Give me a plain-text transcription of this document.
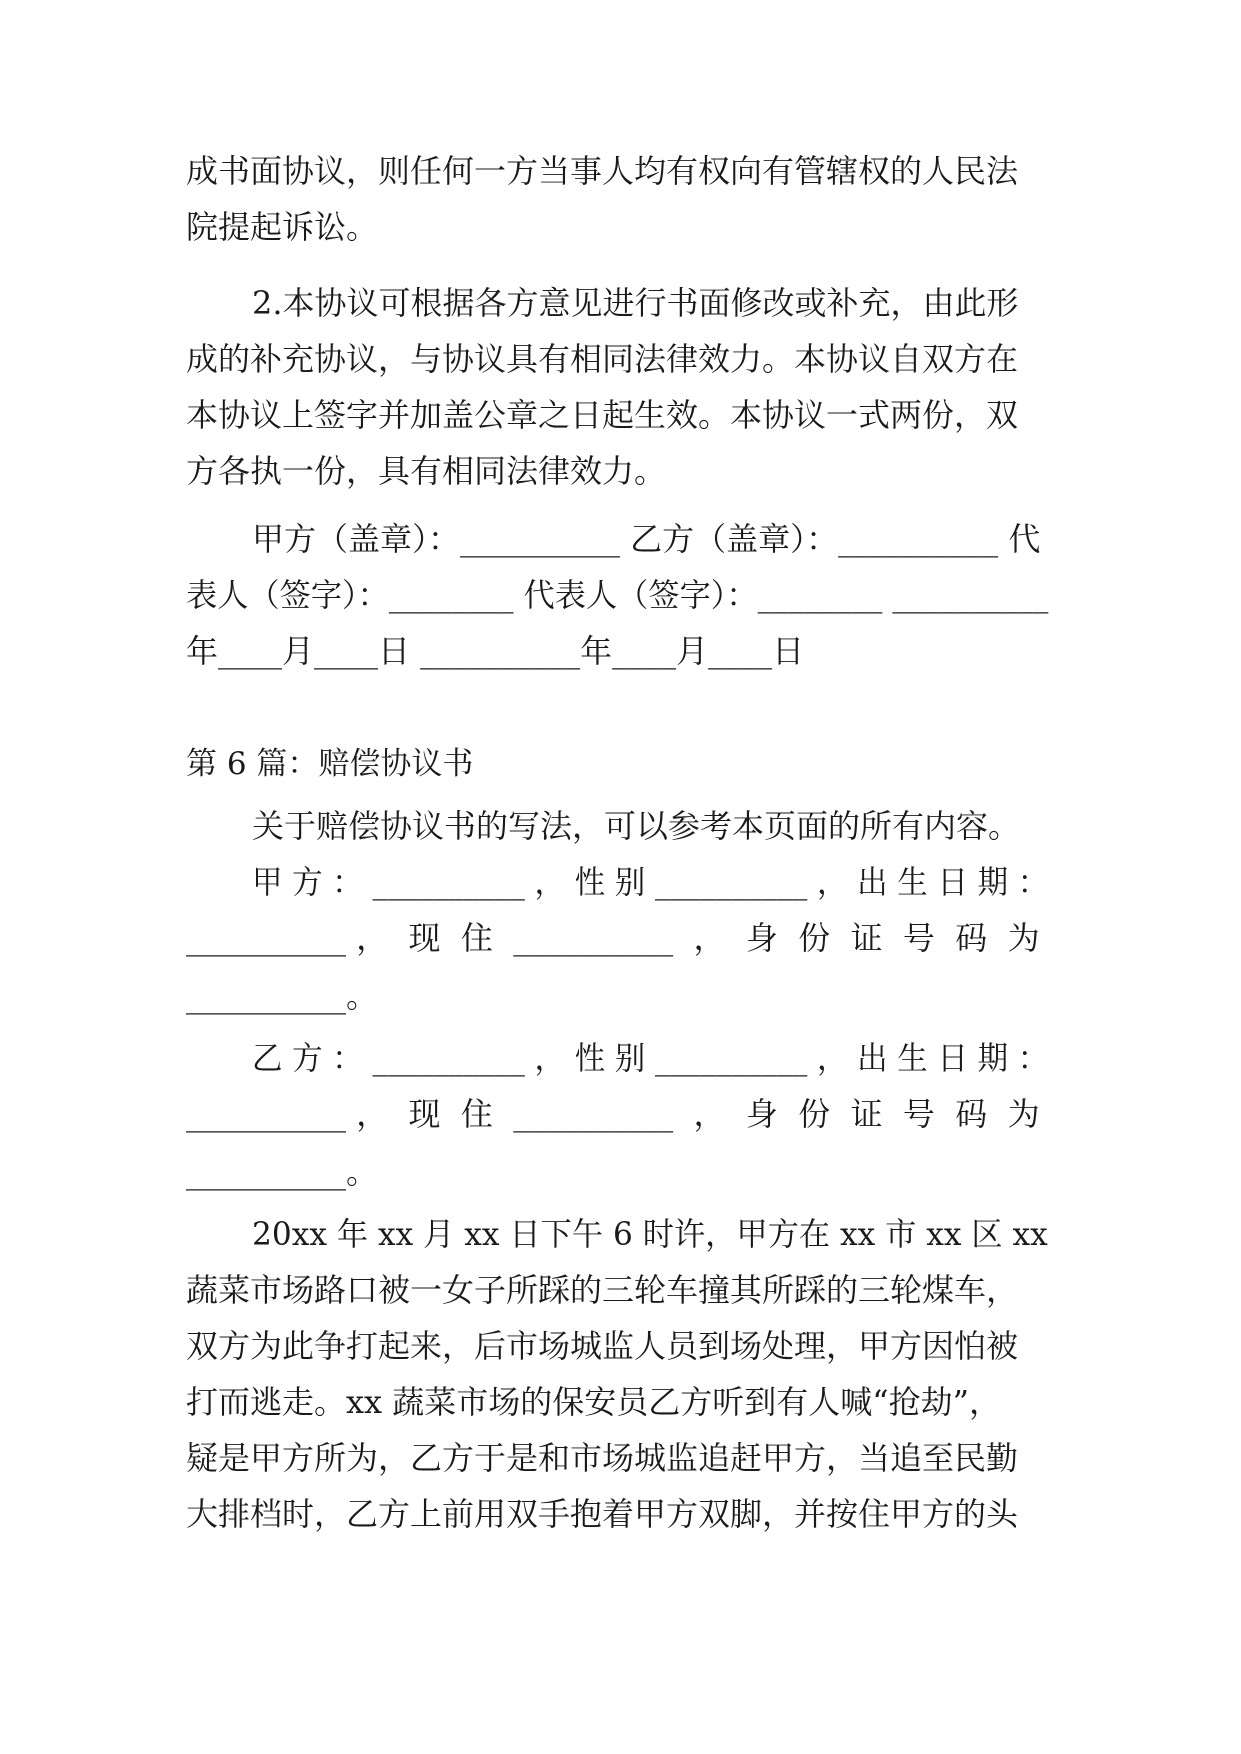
成书面协议，则任何一方当事人均有权向有管辖权的人民法
院提起诉讼。
2.本协议可根据各方意见进行书面修改或补充，由此形
成的补充协议，与协议具有相同法律效力。本协议自双方在
本协议上签字并加盖公章之日起生效。本协议一式两份，双
方各执一份，具有相同法律效力。
甲方（盖章）：__________ 乙方（盖章）：__________ 代
表人（签字）：________ 代表人（签字）：________ __________
年____月____日 __________年____月____日
第 6 篇：赔偿协议书
关于赔偿协议书的写法，可以参考本页面的所有内容。
甲 方 ： __________ ， 性 别 __________ ， 出 生 日 期 ：
__________ ，  现  住  __________  ，  身  份  证  号  码  为
__________。
乙 方 ： __________ ， 性 别 __________ ， 出 生 日 期 ：
__________ ，  现  住  __________  ，  身  份  证  号  码  为
__________。
20xx 年 xx 月 xx 日下午 6 时许，甲方在 xx 市 xx 区 xx
蔬菜市场路口被一女子所踩的三轮车撞其所踩的三轮煤车，
双方为此争打起来，后市场城监人员到场处理，甲方因怕被
打而逃走。xx 蔬菜市场的保安员乙方听到有人喊“抢劫”，
疑是甲方所为，乙方于是和市场城监追赶甲方，当追至民勤
大排档时，乙方上前用双手抱着甲方双脚，并按住甲方的头
